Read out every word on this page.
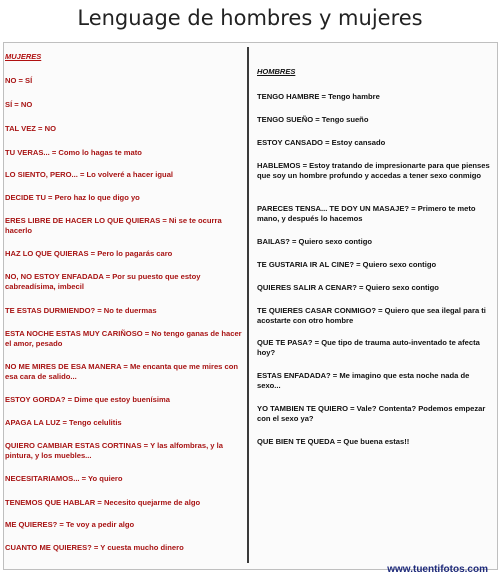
Lenguage de hombres y mujeres
MUJERES
NO = SÍ
SÍ = NO
TAL VEZ = NO
TU VERAS... = Como lo hagas te mato
LO SIENTO, PERO... = Lo volveré a hacer igual
DECIDE TU = Pero haz lo que digo yo
ERES LIBRE DE HACER LO QUE QUIERAS = Ni se te ocurra hacerlo
HAZ LO QUE QUIERAS = Pero lo pagarás caro
NO, NO ESTOY ENFADADA = Por su puesto que estoy cabreadísima, imbecil
TE ESTAS DURMIENDO? = No te duermas
ESTA NOCHE ESTAS MUY CARIÑOSO = No tengo ganas de hacer el amor, pesado
NO ME MIRES DE ESA MANERA = Me encanta que me mires con esa cara de salido...
ESTOY GORDA? = Dime que estoy buenísima
APAGA LA LUZ = Tengo celulitis
QUIERO CAMBIAR ESTAS CORTINAS = Y las alfombras, y la pintura, y los muebles...
NECESITARIAMOS... = Yo quiero
TENEMOS QUE HABLAR = Necesito quejarme de algo
ME QUIERES? = Te voy a pedir algo
CUANTO ME QUIERES? = Y cuesta mucho dinero
HOMBRES
TENGO HAMBRE = Tengo hambre
TENGO SUEÑO = Tengo sueño
ESTOY CANSADO = Estoy cansado
HABLEMOS = Estoy tratando de impresionarte para que pienses que soy un hombre profundo y accedas a tener sexo conmigo
PARECES TENSA... TE DOY UN MASAJE? = Primero te meto mano, y después lo hacemos
BAILAS? = Quiero sexo contigo
TE GUSTARIA IR AL CINE? = Quiero sexo contigo
QUIERES SALIR A CENAR? = Quiero sexo contigo
TE QUIERES CASAR CONMIGO? = Quiero que sea ilegal para ti acostarte con otro hombre
QUE TE PASA? = Que tipo de trauma auto-inventado te afecta hoy?
ESTAS ENFADADA? = Me imagino que esta noche nada de sexo...
YO TAMBIEN TE QUIERO = Vale? Contenta? Podemos empezar con el sexo ya?
QUE BIEN TE QUEDA = Que buena estas!!
www.tuentifotos.com
